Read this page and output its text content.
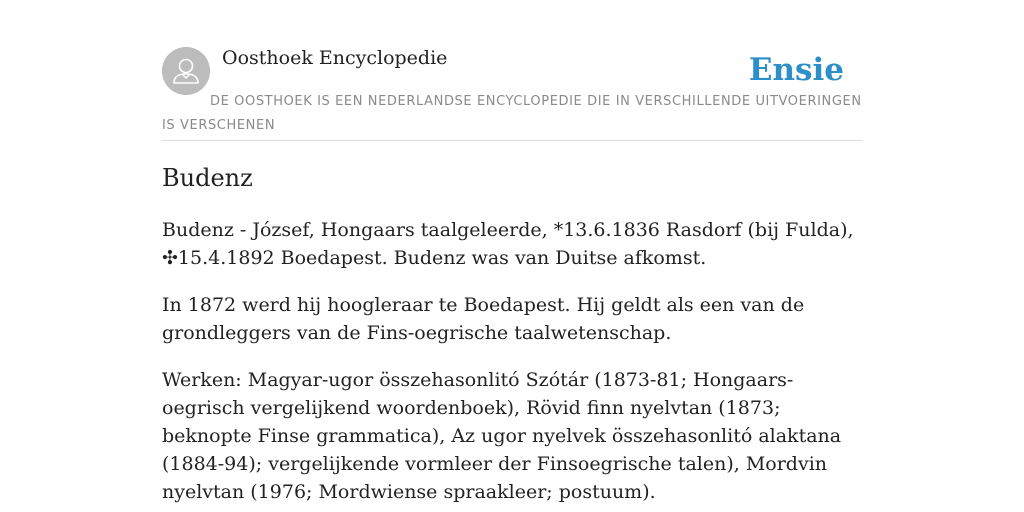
Oosthoek Encyclopedie	Ensie
DE OOSTHOEK IS EEN NEDERLANDSE ENCYCLOPEDIE DIE IN VERSCHILLENDE UITVOERINGEN IS VERSCHENEN
Budenz

Budenz - József, Hongaars taalgeleerde, *13.6.1836 Rasdorf (bij Fulda), ✣15.4.1892 Boedapest. Budenz was van Duitse afkomst.

In 1872 werd hij hoogleraar te Boedapest. Hij geldt als een van de grondleggers van de Fins-oegrische taalwetenschap.

Werken: Magyar-ugor összehasonlitó Szótár (1873-81; Hongaars-oegrisch vergelijkend woordenboek), Rövid finn nyelvtan (1873; beknopte Finse grammatica), Az ugor nyelvek összehasonlitó alaktana (1884-94); vergelijkende vormleer der Finsoegrische talen), Mordvin nyelvtan (1976; Mordwiense spraakleer; postuum).
